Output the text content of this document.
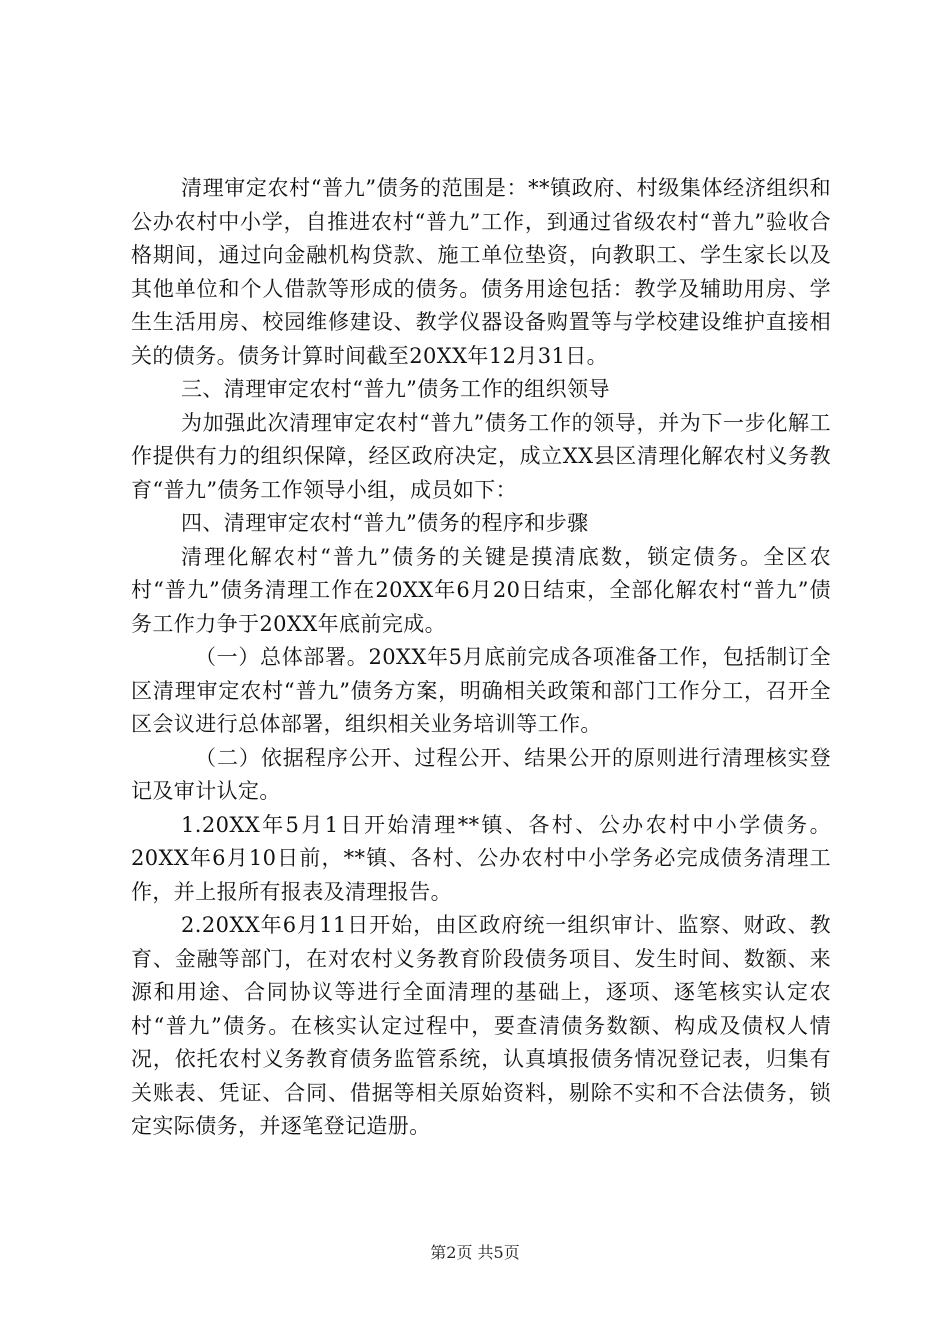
清理审定农村“普九”债务的范围是：**镇政府、村级集体经济组织和公办农村中小学，自推进农村“普九”工作，到通过省级农村“普九”验收合格期间，通过向金融机构贷款、施工单位垫资，向教职工、学生家长以及其他单位和个人借款等形成的债务。债务用途包括：教学及辅助用房、学生生活用房、校园维修建设、教学仪器设备购置等与学校建设维护直接相关的债务。债务计算时间截至20XX年12月31日。

三、清理审定农村“普九”债务工作的组织领导

为加强此次清理审定农村“普九”债务工作的领导，并为下一步化解工作提供有力的组织保障，经区政府决定，成立XX县区清理化解农村义务教育“普九”债务工作领导小组，成员如下：

四、清理审定农村“普九”债务的程序和步骤

清理化解农村“普九”债务的关键是摸清底数，锁定债务。全区农村“普九”债务清理工作在20XX年6月20日结束，全部化解农村“普九”债务工作力争于20XX年底前完成。

（一）总体部署。20XX年5月底前完成各项准备工作，包括制订全区清理审定农村“普九”债务方案，明确相关政策和部门工作分工，召开全区会议进行总体部署，组织相关业务培训等工作。

（二）依据程序公开、过程公开、结果公开的原则进行清理核实登记及审计认定。

1.20XX年5月1日开始清理**镇、各村、公办农村中小学债务。20XX年6月10日前，**镇、各村、公办农村中小学务必完成债务清理工作，并上报所有报表及清理报告。

2.20XX年6月11日开始，由区政府统一组织审计、监察、财政、教育、金融等部门，在对农村义务教育阶段债务项目、发生时间、数额、来源和用途、合同协议等进行全面清理的基础上，逐项、逐笔核实认定农村“普九”债务。在核实认定过程中，要查清债务数额、构成及债权人情况，依托农村义务教育债务监管系统，认真填报债务情况登记表，归集有关账表、凭证、合同、借据等相关原始资料，剔除不实和不合法债务，锁定实际债务，并逐笔登记造册。

第2页 共5页
